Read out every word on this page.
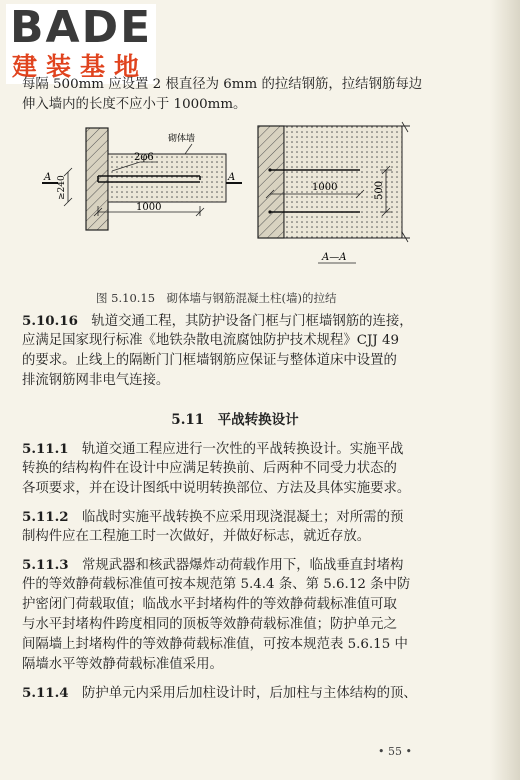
BADE
建装基地
每隔 500mm 应设置 2 根直径为 6mm 的拉结钢筋，拉结钢筋每边
伸入墙内的长度不应小于 1000mm。
2φ6
砌体墙
A	A
≥240
1000
1000	500
A—A
图 5.10.15　砌体墙与钢筋混凝土柱(墙)的拉结
5.10.16　 轨道交通工程，其防护设备门框与门框墙钢筋的连接，
应满足国家现行标准《地铁杂散电流腐蚀防护技术规程》CJJ 49
的要求。止线上的隔断门门框墙钢筋应保证与整体道床中设置的
排流钢筋网非电气连接。
5.11　平战转换设计
5.11.1　 轨道交通工程应进行一次性的平战转换设计。实施平战
转换的结构构件在设计中应满足转换前、后两种不同受力状态的
各项要求，并在设计图纸中说明转换部位、方法及具体实施要求。
5.11.2　 临战时实施平战转换不应采用现浇混凝土；对所需的预
制构件应在工程施工时一次做好，并做好标志，就近存放。
5.11.3　 常规武器和核武器爆炸动荷载作用下，临战垂直封堵构
件的等效静荷载标准值可按本规范第 5.4.4 条、第 5.6.12 条中防
护密闭门荷载取值；临战水平封堵构件的等效静荷载标准值可取
与水平封堵构件跨度相同的顶板等效静荷载标准值；防护单元之
间隔墙上封堵构件的等效静荷载标准值，可按本规范表 5.6.15 中
隔墙水平等效静荷载标准值采用。
5.11.4　 防护单元内采用后加柱设计时，后加柱与主体结构的顶、
• 55 •
